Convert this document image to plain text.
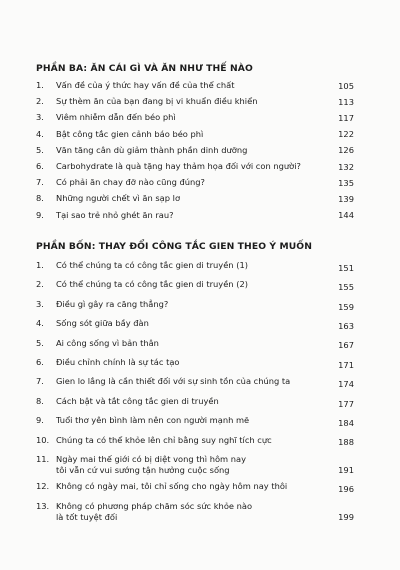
PHẦN BA: ĂN CÁI GÌ VÀ ĂN NHƯ THẾ NÀO
1.	Vấn đề của ý thức hay vấn đề của thể chất	105
2.	Sự thèm ăn của bạn đang bị vi khuẩn điều khiển	113
3.	Viêm nhiễm dẫn đến béo phì	117
4.	Bật công tắc gien cảnh báo béo phì	122
5.	Văn tăng cân dù giảm thành phần dinh dưỡng	126
6.	Carbohydrate là quà tặng hay thảm họa đối với con người?	132
7.	Có phải ăn chay đỡ nào cũng đúng?	135
8.	Những người chết vì ăn sạp lơ	139
9.	Tại sao trẻ nhỏ ghét ăn rau?	144
PHẦN BỐN: THAY ĐỔI CÔNG TẮC GIEN THEO Ý MUỐN
1.	Có thể chúng ta có công tắc gien di truyền (1)	151
2.	Có thể chúng ta có công tắc gien di truyền (2)	155
3.	Điều gì gây ra căng thẳng?	159
4.	Sống sót giữa bầy đàn	163
5.	Ai công sống vì bản thân	167
6.	Điều chỉnh chính là sự tác tạo	171
7.	Gien lo lắng là cần thiết đối với sự sinh tồn của chúng ta	174
8.	Cách bật và tắt công tắc gien di truyền	177
9.	Tuổi thơ yên bình làm nên con người mạnh mẽ	184
10. Chúng ta có thể khỏe lên chỉ bằng suy nghĩ tích cực	188
11. Ngày mai thế giới có bị diệt vong thì hôm nay
tôi vẫn cứ vui sướng tận hưởng cuộc sống	191
12. Không có ngày mai, tôi chỉ sống cho ngày hôm nay thôi	196
13. Không có phương pháp chăm sóc sức khỏe nào
là tốt tuyệt đối	199
